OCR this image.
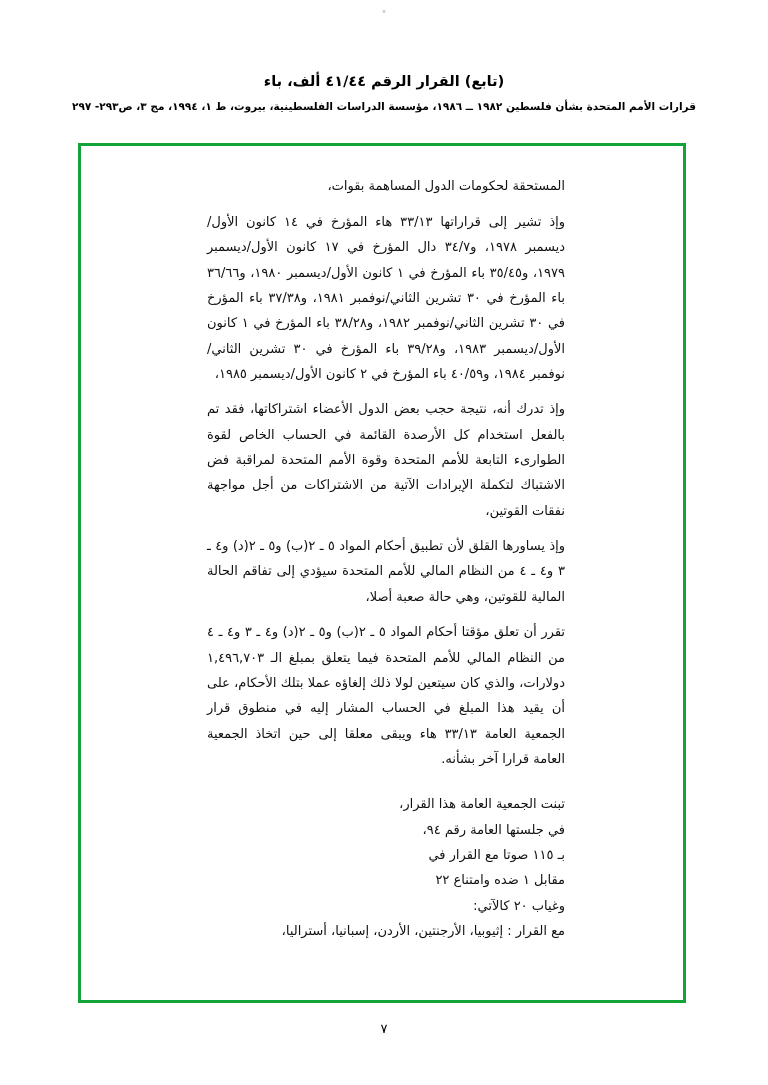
(تابع) القرار الرقم ٤١/٤٤ ألف، باء
قرارات الأمم المتحدة بشأن فلسطين ١٩٨٢ ــ ١٩٨٦، مؤسسة الدراسات الفلسطينية، بيروت، ط ١، ١٩٩٤، مج ٣، ص٢٩٣- ٢٩٧

المستحقة لحكومات الدول المساهمة بقوات،

وإذ تشير إلى قراراتها ٣٣/١٣ هاء المؤرخ في ١٤ كانون الأول/ديسمبر ١٩٧٨، و٣٤/٧ دال المؤرخ في ١٧ كانون الأول/ديسمبر ١٩٧٩، و٣٥/٤٥ باء المؤرخ في ١ كانون الأول/ديسمبر ١٩٨٠، و٣٦/٦٦ باء المؤرخ في ٣٠ تشرين الثاني/نوفمبر ١٩٨١، و٣٧/٣٨ باء المؤرخ في ٣٠ تشرين الثاني/نوفمبر ١٩٨٢، و٣٨/٢٨ باء المؤرخ في ١ كانون الأول/ديسمبر ١٩٨٣، و٣٩/٢٨ باء المؤرخ في ٣٠ تشرين الثاني/نوفمبر ١٩٨٤، و٤٠/٥٩ باء المؤرخ في ٢ كانون الأول/ديسمبر ١٩٨٥،

وإذ تدرك أنه، نتيجة حجب بعض الدول الأعضاء اشتراكاتها، فقد تم بالفعل استخدام كل الأرصدة القائمة في الحساب الخاص لقوة الطوارىء التابعة للأمم المتحدة وقوة الأمم المتحدة لمراقبة فض الاشتباك لتكملة الإيرادات الآتية من الاشتراكات من أجل مواجهة نفقات القوتين،

وإذ يساورها القلق لأن تطبيق أحكام المواد ٥ ـ ٢(ب) و٥ ـ ٢(د) و٤ ـ ٣ و٤ ـ ٤ من النظام المالي للأمم المتحدة سيؤدي إلى تفاقم الحالة المالية للقوتين، وهي حالة صعبة أصلا،

تقرر أن تعلق مؤقتا أحكام المواد ٥ ـ ٢(ب) و٥ ـ ٢(د) و٤ ـ ٣ و٤ ـ ٤ من النظام المالي للأمم المتحدة فيما يتعلق بمبلغ الـ ١,٤٩٦,٧٠٣ دولارات، والذي كان سيتعين لولا ذلك إلغاؤه عملا بتلك الأحكام، على أن يقيد هذا المبلغ في الحساب المشار إليه في منطوق قرار الجمعية العامة ٣٣/١٣ هاء ويبقى معلقا إلى حين اتخاذ الجمعية العامة قرارا آخر بشأنه.

تبنت الجمعية العامة هذا القرار،
في جلستها العامة رقم ٩٤،
بـ ١١٥ صوتا مع القرار في
مقابل ١ ضده وامتناع ٢٢
وغياب ٢٠ كالآتي:

مع القرار : إثيوبيا، الأرجنتين، الأردن، إسبانيا، أستراليا،

٧
